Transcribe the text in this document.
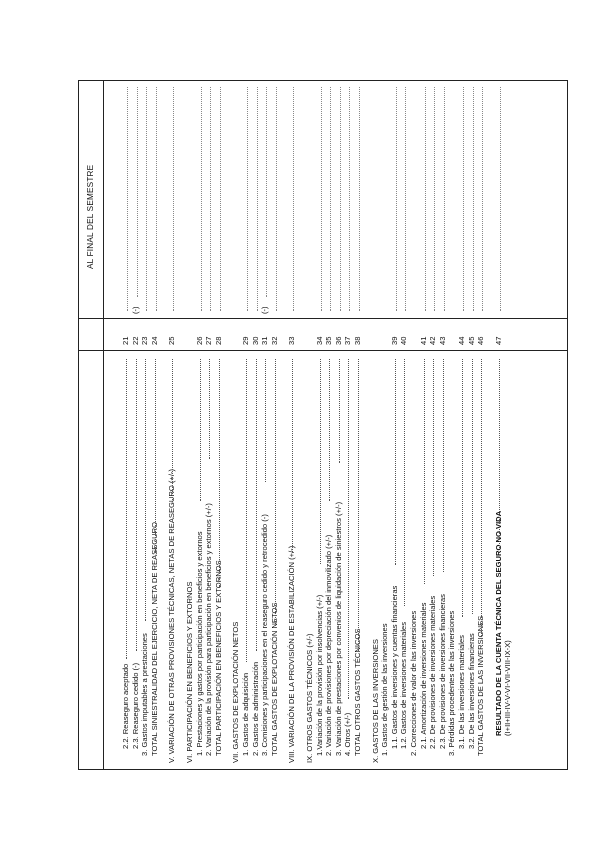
AL FINAL DEL SEMESTRE
2.2. Reaseguro aceptado
21
2.3. Reaseguro cedido (-)
22
(-)
3. Gastos imputables a prestaciones
23
TOTAL SINIESTRALIDAD DEL EJERCICIO, NETA DE REASEGURO
24
V. VARIACIÓN DE OTRAS PROVISIONES TÉCNICAS, NETAS DE REASEGURO (+/-)
25
VI. PARTICIPACIÓN EN BENEFICIOS Y EXTORNOS 1. Prestaciones y gastos por participación en beneficios y extornos
26
2. Variación de la provisión para participación en beneficios y extornos (+/-)
27
TOTAL PARTICIPACIÓN EN BENEFICIOS Y EXTORNOS
28
VII. GASTOS DE EXPLOTACIÓN NETOS 1. Gastos de adquisición
29
2. Gastos de administración
30
3. Comisiones y participaciones en el reaseguro cedido y retrocedido (-)
31
(-)
TOTAL GASTOS DE EXPLOTACIÓN NETOS
32
VIII. VARIACIÓN DE LA PROVISIÓN DE ESTABILIZACIÓN (+/-)
33
IX. OTROS GASTOS TÉCNICOS (+/-) 1.Variación de la provisión por insolvencias (+/-)
34
2. Variación de provisiones por depreciación del inmovilizado (+/-)
35
3. Variación de prestaciones por convenios de liquidación de siniestros (+/-)
36
4. Otros (+/-)
37
TOTAL OTROS GASTOS TÉCNICOS
38
X. GASTOS DE LAS INVERSIONES 1. Gastos de gestión de las inversiones 1.1. Gastos de inversiones y cuentas financieras
39
1.2. Gastos de inversiones materiales
40
2. Correcciones de valor de las inversiones 2.1. Amortización de inversiones materiales
41
2.2. De provisiones de inversiones materiales
42
2.3. De provisiones de inversiones financieras
43
3. Pérdidas procedentes de las inversiones 3.1. De las inversiones materiales
44
3.2. De las inversiones financieras
45
TOTAL GASTOS DE LAS INVERSIONES
46
RESULTADO DE LA CUENTA TÉCNICA DEL SEGURO NO VIDA
47
(I+II+III-IV-V-VI-VII-VIII-IX-X)
